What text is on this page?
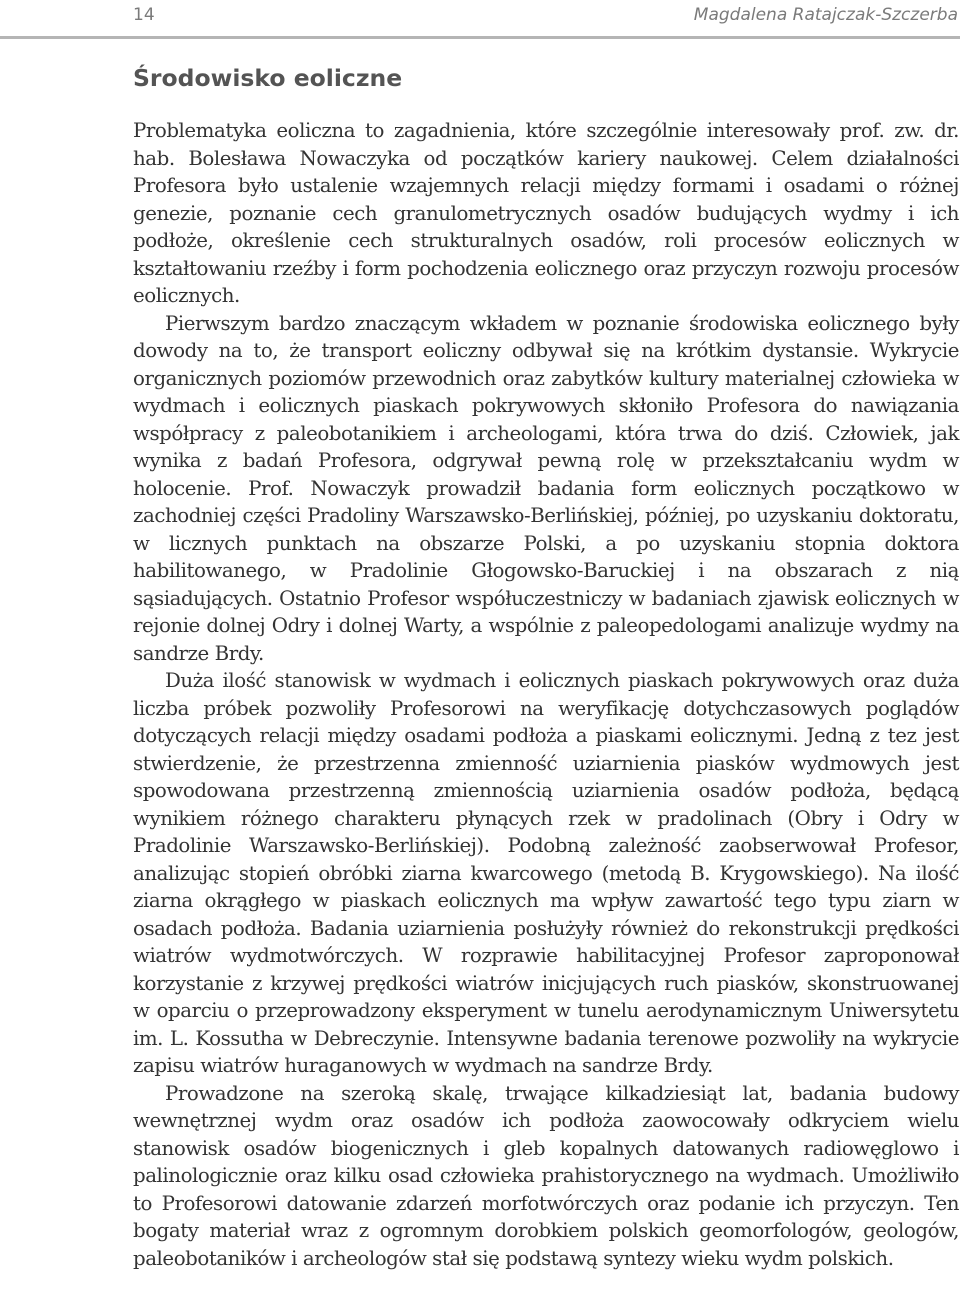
14	Magdalena Ratajczak-Szczerba
Środowisko eoliczne

Problematyka eoliczna to zagadnienia, które szczególnie interesowały prof. zw. dr. hab. Bolesława Nowaczyka od początków kariery naukowej. Celem działalności Profesora było ustalenie wzajemnych relacji między formami i osadami o różnej genezie, poznanie cech granulometrycznych osadów budujących wydmy i ich podłoże, określenie cech strukturalnych osadów, roli procesów eolicznych w kształtowaniu rzeźby i form pochodzenia eolicznego oraz przyczyn rozwoju procesów eolicznych.

Pierwszym bardzo znaczącym wkładem w poznanie środowiska eolicznego były dowody na to, że transport eoliczny odbywał się na krótkim dystansie. Wykrycie organicznych poziomów przewodnich oraz zabytków kultury materialnej człowieka w wydmach i eolicznych piaskach pokrywowych skłoniło Profesora do nawiązania współpracy z paleobotanikiem i archeologami, która trwa do dziś. Człowiek, jak wynika z badań Profesora, odgrywał pewną rolę w przekształcaniu wydm w holocenie. Prof. Nowaczyk prowadził badania form eolicznych początkowo w zachodniej części Pradoliny Warszawsko-Berlińskiej, później, po uzyskaniu doktoratu, w licznych punktach na obszarze Polski, a po uzyskaniu stopnia doktora habilitowanego, w Pradolinie Głogowsko-Baruckiej i na obszarach z nią sąsiadujących. Ostatnio Profesor współuczestniczy w badaniach zjawisk eolicznych w rejonie dolnej Odry i dolnej Warty, a wspólnie z paleopedologami analizuje wydmy na sandrze Brdy.

Duża ilość stanowisk w wydmach i eolicznych piaskach pokrywowych oraz duża liczba próbek pozwoliły Profesorowi na weryfikację dotychczasowych poglądów dotyczących relacji między osadami podłoża a piaskami eolicznymi. Jedną z tez jest stwierdzenie, że przestrzenna zmienność uziarnienia piasków wydmowych jest spowodowana przestrzenną zmiennością uziarnienia osadów podłoża, będącą wynikiem różnego charakteru płynących rzek w pradolinach (Obry i Odry w Pradolinie Warszawsko-Berlińskiej). Podobną zależność zaobserwował Profesor, analizując stopień obróbki ziarna kwarcowego (metodą B. Krygowskiego). Na ilość ziarna okrągłego w piaskach eolicznych ma wpływ zawartość tego typu ziarn w osadach podłoża. Badania uziarnienia posłużyły również do rekonstrukcji prędkości wiatrów wydmotwórczych. W rozprawie habilitacyjnej Profesor zaproponował korzystanie z krzywej prędkości wiatrów inicjujących ruch piasków, skonstruowanej w oparciu o przeprowadzony eksperyment w tunelu aerodynamicznym Uniwersytetu im. L. Kossutha w Debreczynie. Intensywne badania terenowe pozwoliły na wykrycie zapisu wiatrów huraganowych w wydmach na sandrze Brdy.

Prowadzone na szeroką skalę, trwające kilkadziesiąt lat, badania budowy wewnętrznej wydm oraz osadów ich podłoża zaowocowały odkryciem wielu stanowisk osadów biogenicznych i gleb kopalnych datowanych radiowęglowo i palinologicznie oraz kilku osad człowieka prahistorycznego na wydmach. Umożliwiło to Profesorowi datowanie zdarzeń morfotwórczych oraz podanie ich przyczyn. Ten bogaty materiał wraz z ogromnym dorobkiem polskich geomorfologów, geologów, paleobotaników i archeologów stał się podstawą syntezy wieku wydm polskich.
